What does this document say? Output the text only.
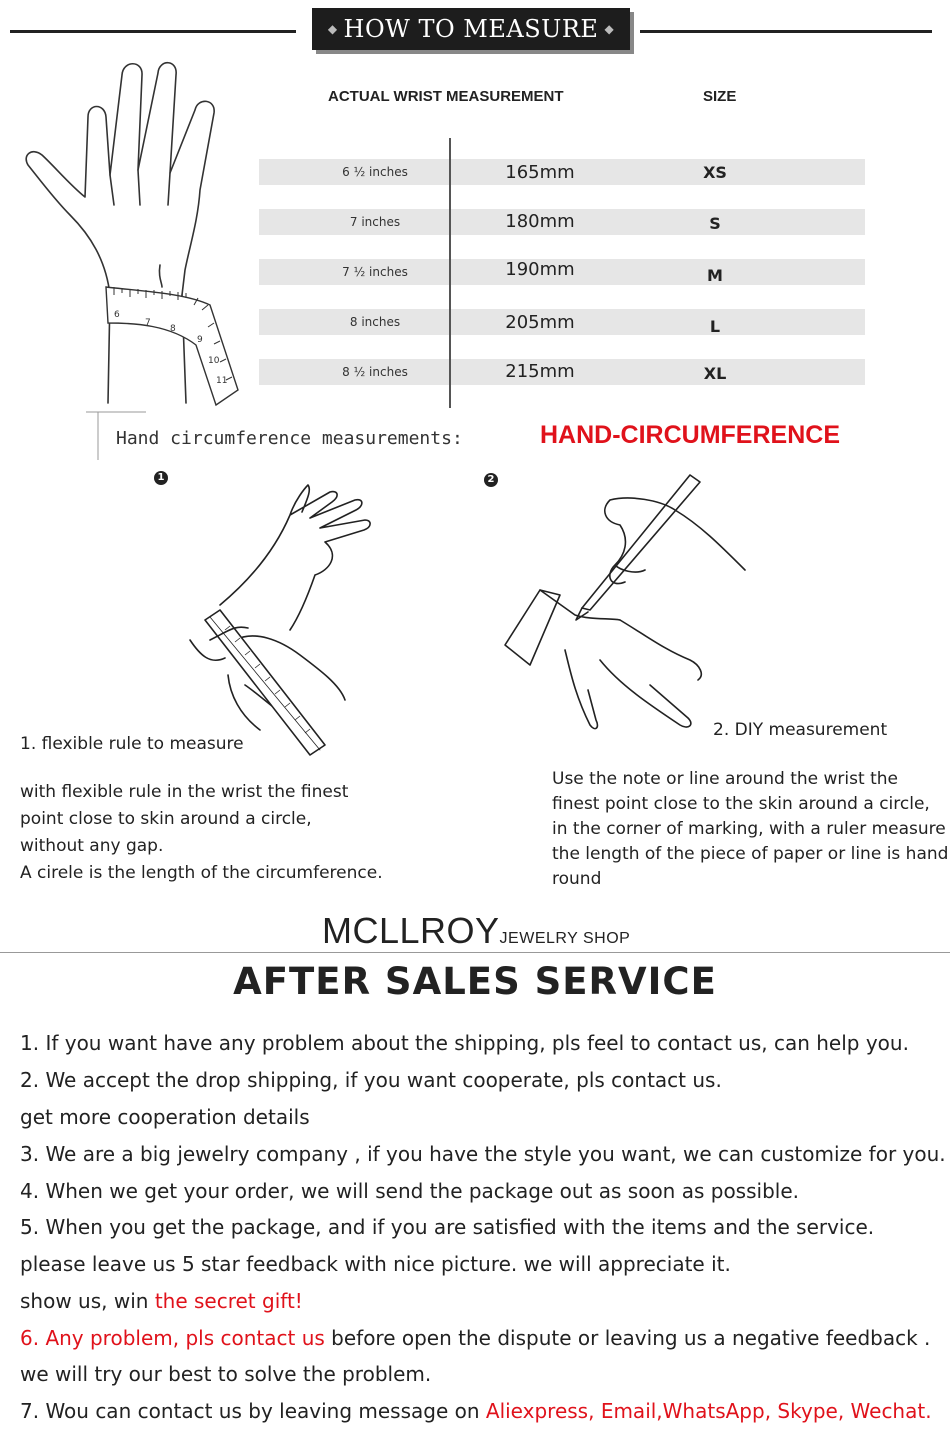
◆ HOW TO MEASURE ◆
6
7
8
9
10
11
ACTUAL WRIST MEASUREMENT	SIZE
6 ½ inches	165mm	XS
7 inches	180mm	S
7 ½ inches	190mm	M
8 inches	205mm	L
8 ½ inches	215mm	XL
Hand circumference measurements:	HAND-CIRCUMFERENCE
1	2
1. flexible rule to measure
2. DIY measurement
with flexible rule in the wrist the finest
point close to skin around a circle,
without any gap.
A cirele is the length of the circumference.
Use the note or line around the wrist the
finest point close to the skin around a circle,
in the corner of marking, with a ruler measure
the length of the piece of paper or line is hand
round
MCLLROYJEWELRY SHOP
AFTER SALES SERVICE
1. If you want have any problem about the shipping, pls feel to contact us, can help you.
2. We accept the drop shipping, if you want cooperate, pls contact us.
get more cooperation details
3. We are a big jewelry company , if you have the style you want, we can customize for you.
4. When we get your order, we will send the package out as soon as possible.
5. When you get the package, and if you are satisfied with the items and the service.
please leave us 5 star feedback with nice picture. we will appreciate it.
show us, win the secret gift!
6. Any problem, pls contact us before open the dispute or leaving us a negative feedback .
we will try our best to solve the problem.
7. Wou can contact us by leaving message on Aliexpress, Email,WhatsApp, Skype, Wechat.
